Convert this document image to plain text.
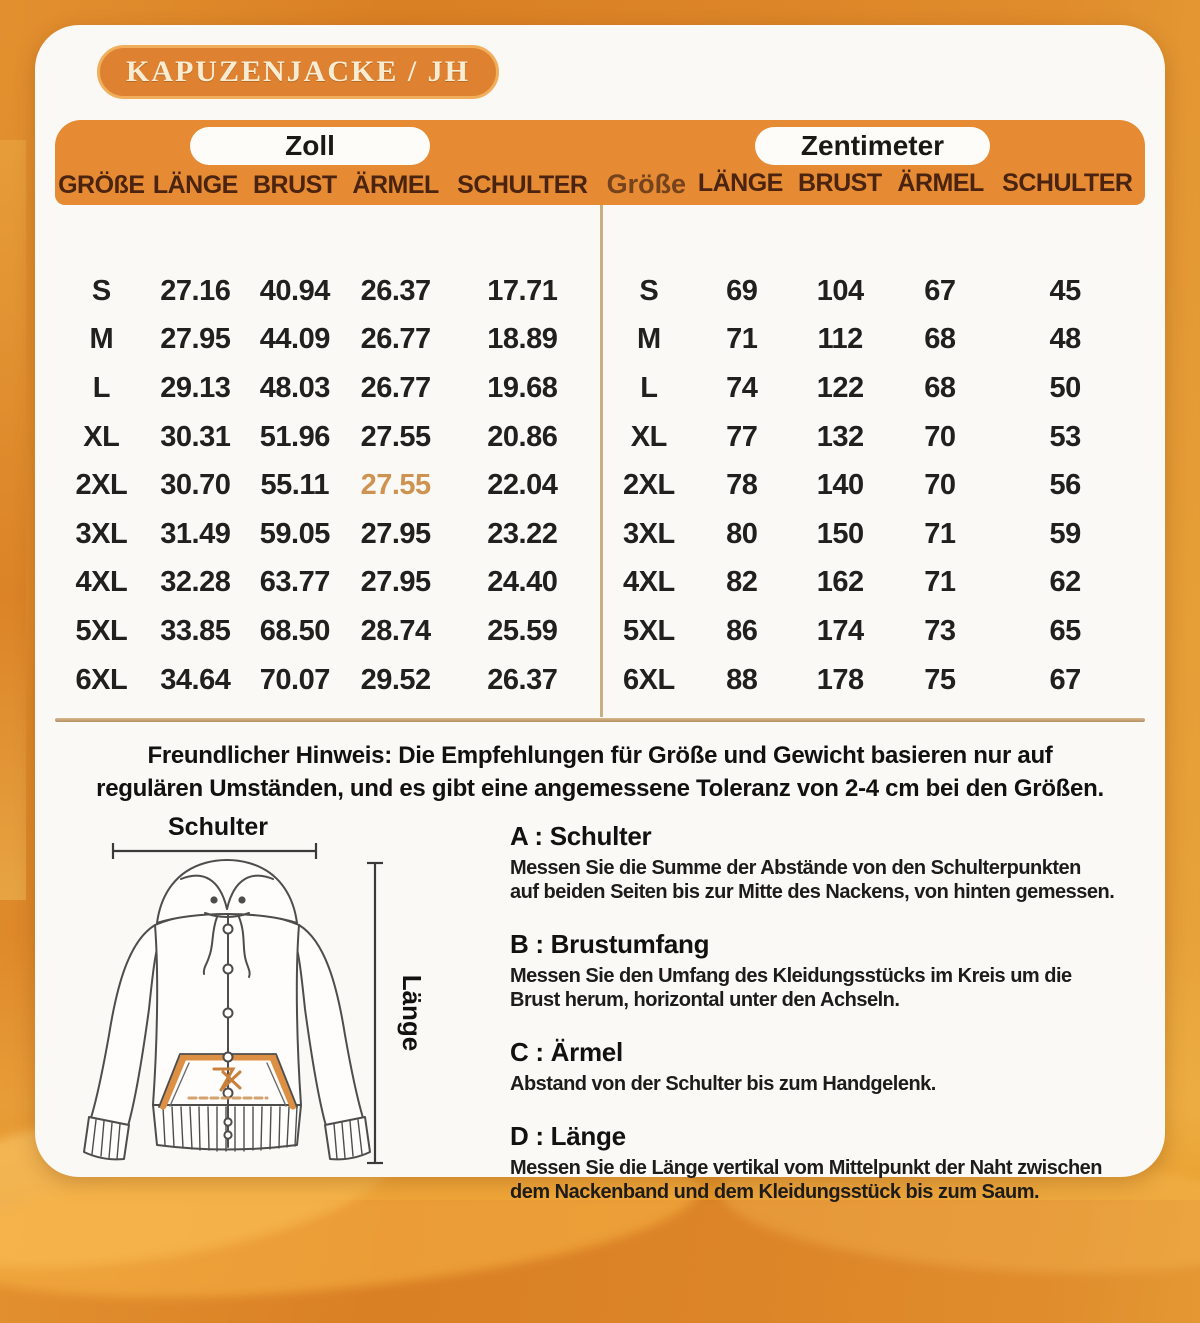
KAPUZENJACKE / JH
Zoll
GRÖßE LÄNGE BRUST ÄRMEL SCHULTER
Zentimeter
Größe LÄNGE BRUST ÄRMEL SCHULTER
S	27.16	40.94	26.37	17.71
M	27.95	44.09	26.77	18.89
L	29.13	48.03	26.77	19.68
XL	30.31	51.96	27.55	20.86
2XL	30.70	55.11	27.55	22.04
3XL	31.49	59.05	27.95	23.22
4XL	32.28	63.77	27.95	24.40
5XL	33.85	68.50	28.74	25.59
6XL	34.64	70.07	29.52	26.37
S	69	104	67	45
M	71	112	68	48
L	74	122	68	50
XL	77	132	70	53
2XL	78	140	70	56
3XL	80	150	71	59
4XL	82	162	71	62
5XL	86	174	73	65
6XL	88	178	75	67
Freundlicher Hinweis: Die Empfehlungen für Größe und Gewicht basieren nur auf
regulären Umständen, und es gibt eine angemessene Toleranz von 2-4 cm bei den Größen.
Schulter
Länge
A : Schulter
Messen Sie die Summe der Abstände von den Schulterpunkten
auf beiden Seiten bis zur Mitte des Nackens, von hinten gemessen.
B : Brustumfang
Messen Sie den Umfang des Kleidungsstücks im Kreis um die
Brust herum, horizontal unter den Achseln.
C : Ärmel
Abstand von der Schulter bis zum Handgelenk.
D : Länge
Messen Sie die Länge vertikal vom Mittelpunkt der Naht zwischen
dem Nackenband und dem Kleidungsstück bis zum Saum.
